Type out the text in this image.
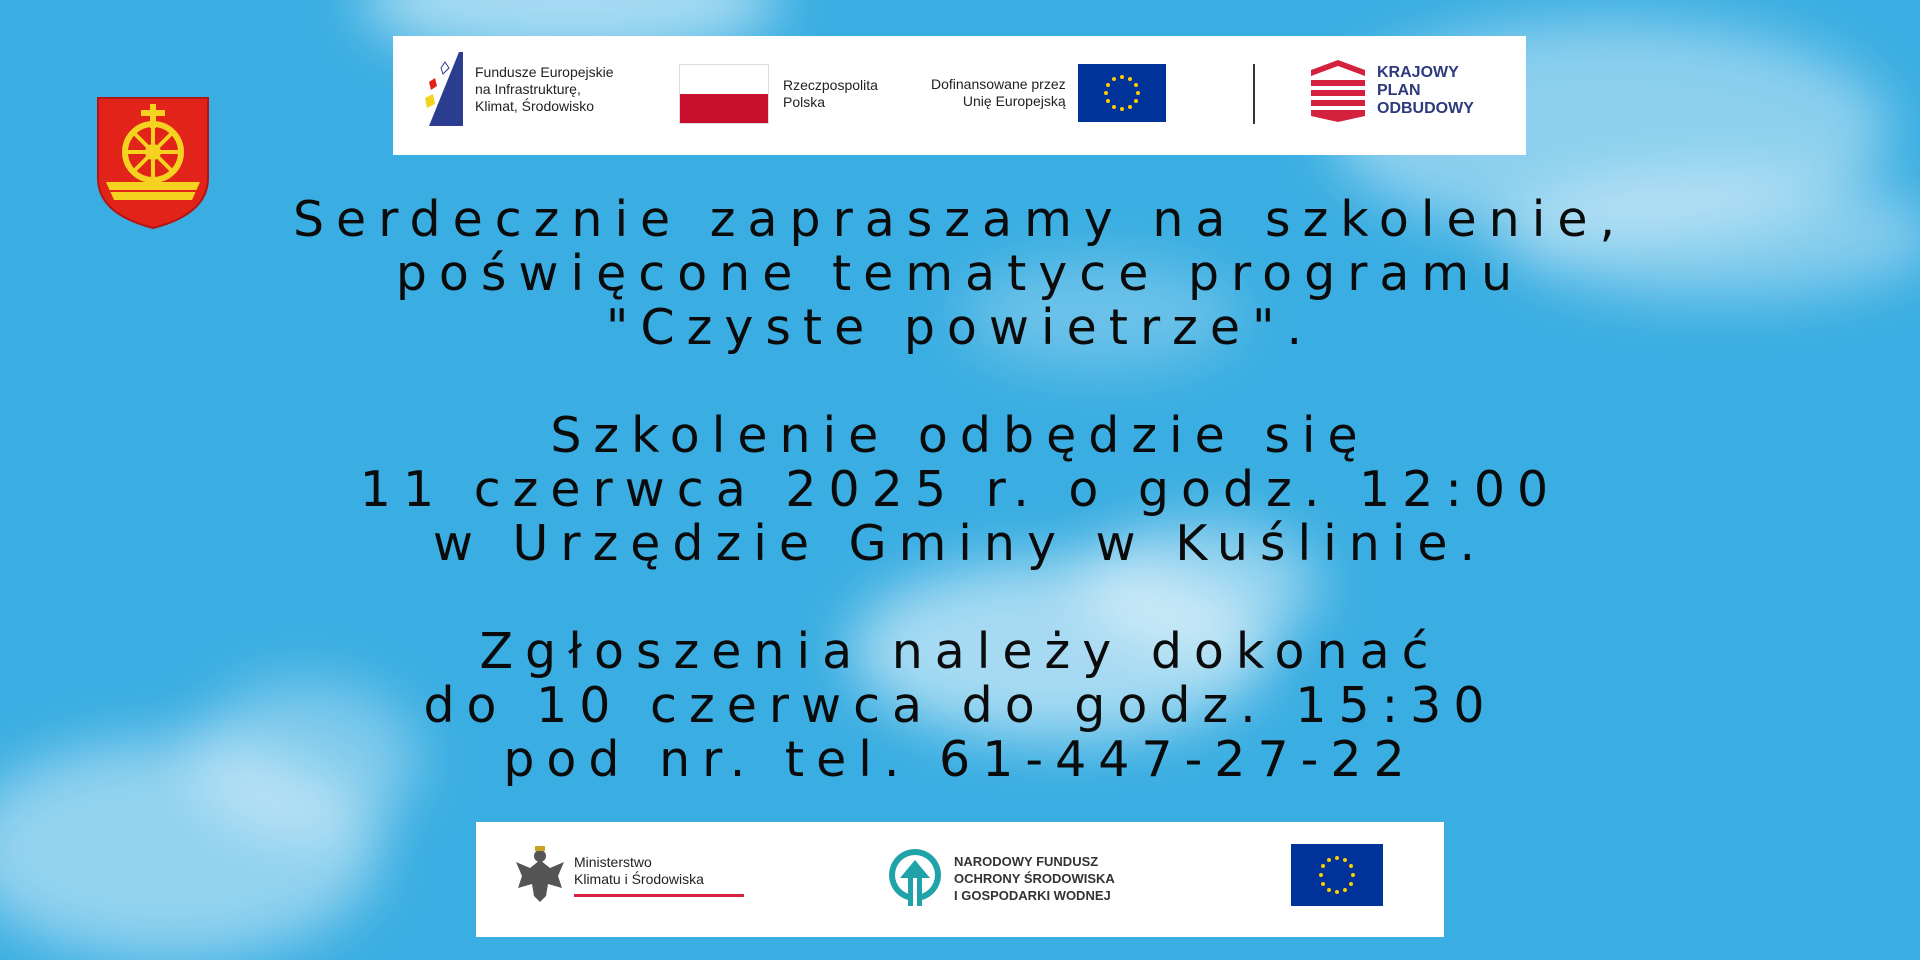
Fundusze Europejskie
na Infrastrukturę,
Klimat, Środowisko
Rzeczpospolita
Polska
Dofinansowane przez
Unię Europejską
KRAJOWY
PLAN
ODBUDOWY
Serdecznie zapraszamy na szkolenie,
poświęcone tematyce programu
"Czyste powietrze".
Szkolenie odbędzie się
11 czerwca 2025 r. o godz. 12:00
w Urzędzie Gminy w Kuślinie.
Zgłoszenia należy dokonać
do 10 czerwca do godz. 15:30
pod nr. tel. 61-447-27-22
Ministerstwo
Klimatu i Środowiska
NARODOWY FUNDUSZ
OCHRONY ŚRODOWISKA
I GOSPODARKI WODNEJ
